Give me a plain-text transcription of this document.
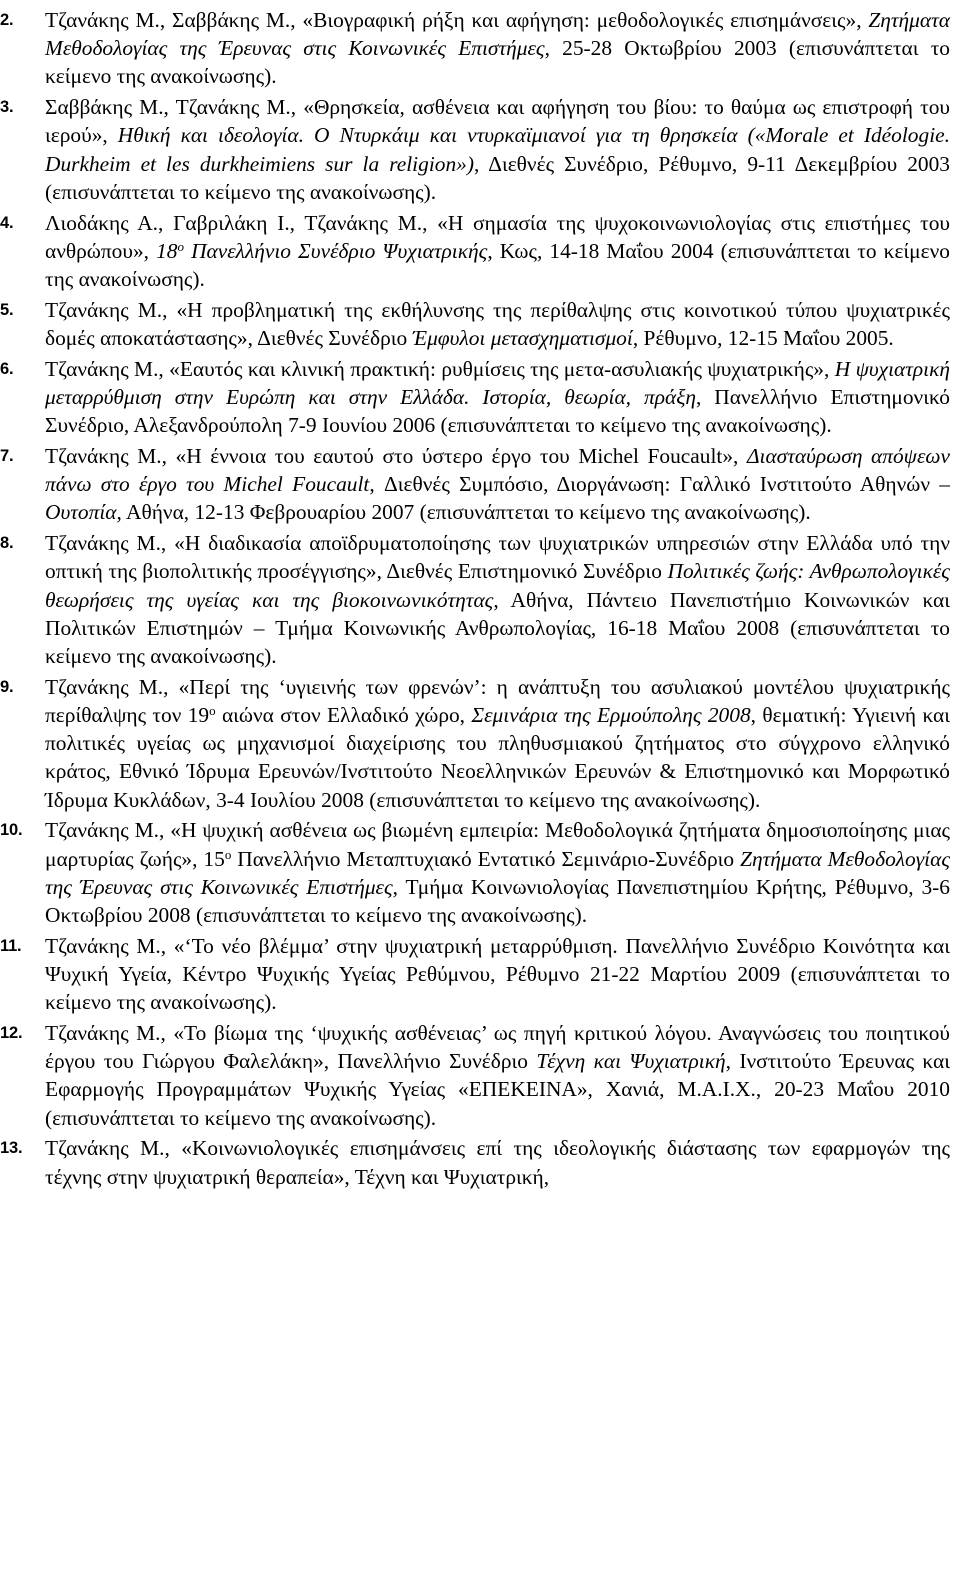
2. Τζανάκης Μ., Σαββάκης Μ., «Βιογραφική ρήξη και αφήγηση: μεθοδολογικές επισημάνσεις», Ζητήματα Μεθοδολογίας της Έρευνας στις Κοινωνικές Επιστήμες, 25-28 Οκτωβρίου 2003 (επισυνάπτεται το κείμενο της ανακοίνωσης).
3. Σαββάκης Μ., Τζανάκης Μ., «Θρησκεία, ασθένεια και αφήγηση του βίου: το θαύμα ως επιστροφή του ιερού», Ηθική και ιδεολογία. Ο Ντυρκάιμ και ντυρκαϊμιανοί για τη θρησκεία («Morale et Idéologie. Durkheim et les durkheimiens sur la religion»), Διεθνές Συνέδριο, Ρέθυμνο, 9-11 Δεκεμβρίου 2003 (επισυνάπτεται το κείμενο της ανακοίνωσης).
4. Λιοδάκης Α., Γαβριλάκη Ι., Τζανάκης Μ., «Η σημασία της ψυχοκοινωνιολογίας στις επιστήμες του ανθρώπου», $18^o$ Πανελλήνιο Συνέδριο Ψυχιατρικής, Κως, 14-18 Μαΐου 2004 (επισυνάπτεται το κείμενο της ανακοίνωσης).
5. Τζανάκης Μ., «Η προβληματική της εκθήλυνσης της περίθαλψης στις κοινοτικού τύπου ψυχιατρικές δομές αποκατάστασης», Διεθνές Συνέδριο Έμφυλοι μετασχηματισμοί, Ρέθυμνο, 12-15 Μαΐου 2005.
6. Τζανάκης Μ., «Εαυτός και κλινική πρακτική: ρυθμίσεις της μετα-ασυλιακής ψυχιατρικής», Η ψυχιατρική μεταρρύθμιση στην Ευρώπη και στην Ελλάδα. Ιστορία, θεωρία, πράξη, Πανελλήνιο Επιστημονικό Συνέδριο, Αλεξανδρούπολη 7-9 Ιουνίου 2006 (επισυνάπτεται το κείμενο της ανακοίνωσης).
7. Τζανάκης Μ., «Η έννοια του εαυτού στο ύστερο έργο του Michel Foucault», Διασταύρωση απόψεων πάνω στο έργο του Michel Foucault, Διεθνές Συμπόσιο, Διοργάνωση: Γαλλικό Ινστιτούτο Αθηνών – Ουτοπία, Αθήνα, 12-13 Φεβρουαρίου 2007 (επισυνάπτεται το κείμενο της ανακοίνωσης).
8. Τζανάκης Μ., «Η διαδικασία αποϊδρυματοποίησης των ψυχιατρικών υπηρεσιών στην Ελλάδα υπό την οπτική της βιοπολιτικής προσέγγισης», Διεθνές Επιστημονικό Συνέδριο Πολιτικές ζωής: Ανθρωπολογικές θεωρήσεις της υγείας και της βιοκοινωνικότητας, Αθήνα, Πάντειο Πανεπιστήμιο Κοινωνικών και Πολιτικών Επιστημών – Τμήμα Κοινωνικής Ανθρωπολογίας, 16-18 Μαΐου 2008 (επισυνάπτεται το κείμενο της ανακοίνωσης).
9. Τζανάκης Μ., «Περί της ‘υγιεινής των φρενών’: η ανάπτυξη του ασυλιακού μοντέλου ψυχιατρικής περίθαλψης τον $19^o$ αιώνα στον Ελλαδικό χώρο, Σεμινάρια της Ερμούπολης 2008, θεματική: Υγιεινή και πολιτικές υγείας ως μηχανισμοί διαχείρισης του πληθυσμιακού ζητήματος στο σύγχρονο ελληνικό κράτος, Εθνικό Ίδρυμα Ερευνών/Ινστιτούτο Νεοελληνικών Ερευνών & Επιστημονικό και Μορφωτικό Ίδρυμα Κυκλάδων, 3-4 Ιουλίου 2008 (επισυνάπτεται το κείμενο της ανακοίνωσης).
10. Τζανάκης Μ., «Η ψυχική ασθένεια ως βιωμένη εμπειρία: Μεθοδολογικά ζητήματα δημοσιοποίησης μιας μαρτυρίας ζωής», $15^o$ Πανελλήνιο Μεταπτυχιακό Εντατικό Σεμινάριο-Συνέδριο Ζητήματα Μεθοδολογίας της Έρευνας στις Κοινωνικές Επιστήμες, Τμήμα Κοινωνιολογίας Πανεπιστημίου Κρήτης, Ρέθυμνο, 3-6 Οκτωβρίου 2008 (επισυνάπτεται το κείμενο της ανακοίνωσης).
11. Τζανάκης Μ., «‘Το νέο βλέμμα’ στην ψυχιατρική μεταρρύθμιση. Πανελλήνιο Συνέδριο Κοινότητα και Ψυχική Υγεία, Κέντρο Ψυχικής Υγείας Ρεθύμνου, Ρέθυμνο 21-22 Μαρτίου 2009 (επισυνάπτεται το κείμενο της ανακοίνωσης).
12. Τζανάκης Μ., «Το βίωμα της ‘ψυχικής ασθένειας’ ως πηγή κριτικού λόγου. Αναγνώσεις του ποιητικού έργου του Γιώργου Φαλελάκη», Πανελλήνιο Συνέδριο Τέχνη και Ψυχιατρική, Ινστιτούτο Έρευνας και Εφαρμογής Προγραμμάτων Ψυχικής Υγείας «ΕΠΕΚΕΙΝΑ», Χανιά, Μ.Α.Ι.Χ., 20-23 Μαΐου 2010 (επισυνάπτεται το κείμενο της ανακοίνωσης).
13. Τζανάκης Μ., «Κοινωνιολογικές επισημάνσεις επί της ιδεολογικής διάστασης των εφαρμογών της τέχνης στην ψυχιατρική θεραπεία», Τέχνη και Ψυχιατρική,
